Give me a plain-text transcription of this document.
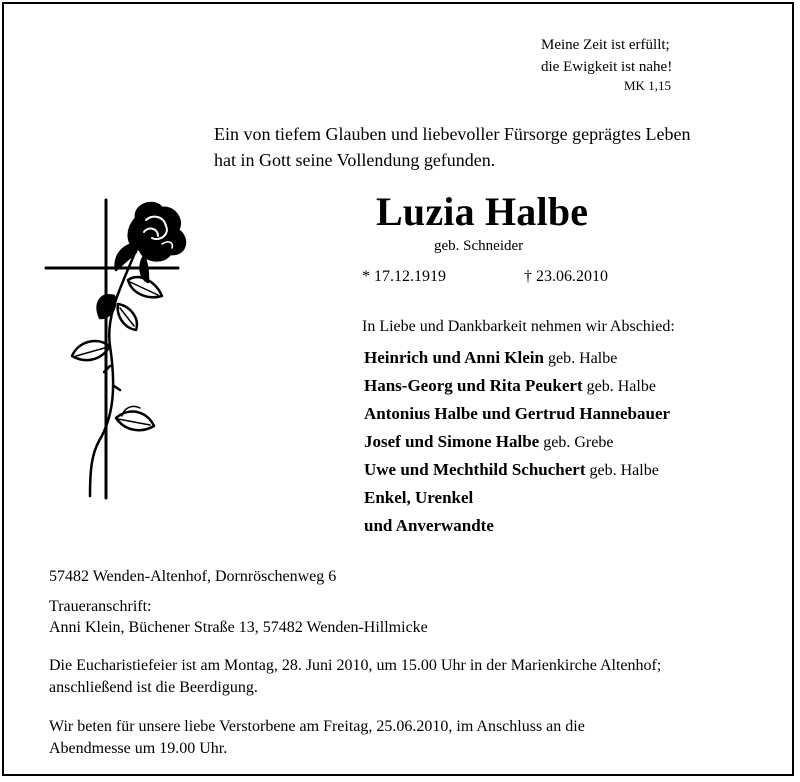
Meine Zeit ist erfüllt;
die Ewigkeit ist nahe!
MK 1,15
Ein von tiefem Glauben und liebevoller Fürsorge geprägtes Leben
hat in Gott seine Vollendung gefunden.
Luzia Halbe
geb. Schneider
* 17.12.1919	† 23.06.2010
In Liebe und Dankbarkeit nehmen wir Abschied:
Heinrich und Anni Klein geb. Halbe
Hans-Georg und Rita Peukert geb. Halbe
Antonius Halbe und Gertrud Hannebauer
Josef und Simone Halbe geb. Grebe
Uwe und Mechthild Schuchert geb. Halbe
Enkel, Urenkel
und Anverwandte
57482 Wenden-Altenhof, Dornröschenweg 6
Traueranschrift:
Anni Klein, Büchener Straße 13, 57482 Wenden-Hillmicke
Die Eucharistiefeier ist am Montag, 28. Juni 2010, um 15.00 Uhr in der Marienkirche Altenhof;
anschließend ist die Beerdigung.
Wir beten für unsere liebe Verstorbene am Freitag, 25.06.2010, im Anschluss an die
Abendmesse um 19.00 Uhr.
